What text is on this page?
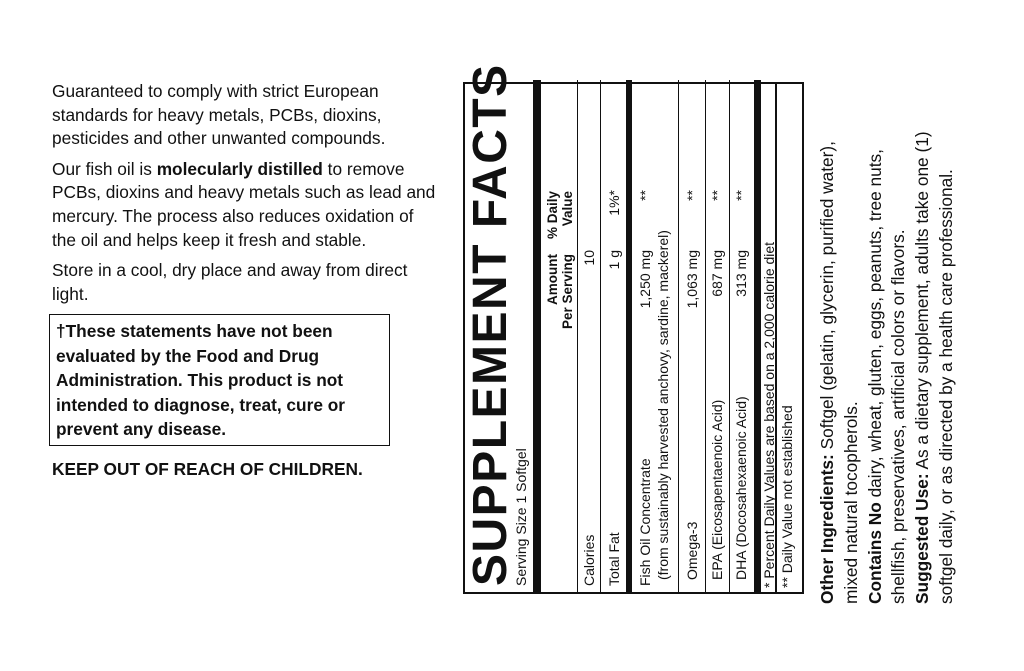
Guaranteed to comply with strict European standards for heavy metals, PCBs, dioxins, pesticides and other unwanted compounds.

Our fish oil is molecularly distilled to remove PCBs, dioxins and heavy metals such as lead and mercury. The process also reduces oxidation of the oil and helps keep it fresh and stable.

Store in a cool, dry place and away from direct light.

†These statements have not been evaluated by the Food and Drug Administration. This product is not intended to diagnose, treat, cure or prevent any disease.

KEEP OUT OF REACH OF CHILDREN.	SUPPLEMENT FACTS
Serving Size 1 Softgel
Amount Per Serving
% Daily Value
Calories
10
Total Fat
1 g
1%*
Fish Oil Concentrate
1,250 mg
**
(from sustainably harvested anchovy, sardine, mackerel) Omega-3
1,063 mg
**
EPA (Eicosapentaenoic Acid)
687 mg
**
DHA (Docosahexaenoic Acid)
313 mg
**
* Percent Daily Values are based on a 2,000 calorie diet ** Daily Value not established Other Ingredients: Softgel (gelatin, glycerin, purified water), mixed natural tocopherols. Contains No dairy, wheat, gluten, eggs, peanuts, tree nuts, shellfish, preservatives, artificial colors or flavors. Suggested Use: As a dietary supplement, adults take one (1) softgel daily, or as directed by a health care professional.
